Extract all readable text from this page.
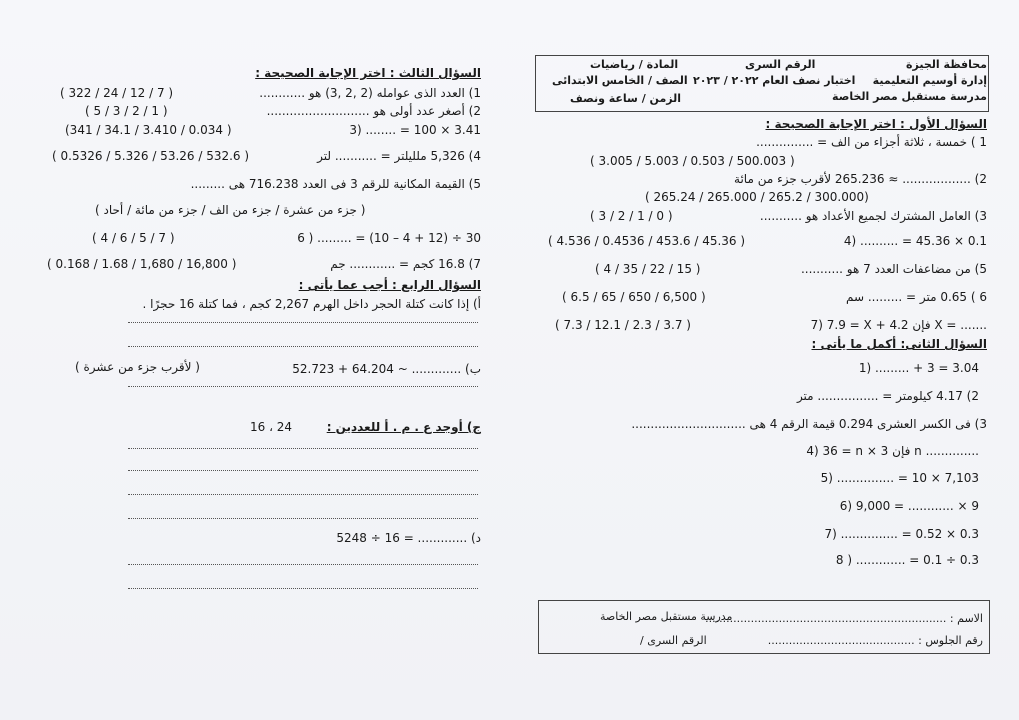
محافظة الجيزة
إدارة أوسيم التعليمية
مدرسة مستقبل مصر الخاصة
الرقم السرى
اختبار نصف العام ٢٠٢٢ / ٢٠٢٣
المادة / رياضيات
الصف / الخامس الابتدائى
الزمن / ساعة ونصف
السؤال الأول : اختر الإجابة الصحيحة :
1 ) خمسة ، ثلاثة أجزاء من الف = ...............
( 3.005 / 5.003 / 0.503 / 500.003 )
2) .................. ≈ 265.236 لأقرب جزء من مائة
( 265.24 / 265.000 / 265.2 / 300.000)
3) العامل المشترك لجميع الأعداد هو ...........
( 3 / 2 / 1 / 0 )
4) .......... = 45.36 × 0.1
( 4.536 / 0.4536 / 453.6 / 45.36 )
5) من مضاعفات العدد 7 هو ...........
( 4 / 35 / 22 / 15 )
6 ) 0.65 متر = ......... سم
( 6.5 / 65 / 650 / 6,500 )
7) 7.9 = X + 4.2 فإن X = .......
( 7.3 / 12.1 / 2.3 / 3.7 )
السؤال الثانى: أكمل ما يأتى :
1) ......... + 3 = 3.04
2) 4.17 كيلومتر = ................ متر
3) فى الكسر العشرى 0.294 قيمة الرقم 4 هى ..............................
4) 36 = n × 3 فإن n ..............
5) ............... = 10 × 7,103
6) 9,000 = ............ × 9
7) ............... = 0.52 × 0.3
8 ) ............. = 0.1 ÷ 0.3
الاسم : .....................................................................
مدرسة مستقبل مصر الخاصة
رقم الجلوس : ..........................................
الرقم السرى /
السؤال الثالث : اختر الإجابة الصحيحة :
1) العدد الذى عوامله (2 ,2 ,3) هو ............
( 322 / 24 / 12 / 7 )
2) أصغر عدد أولى هو ...........................
( 5 / 3 / 2 / 1 )
3) ........ = 100 × 3.41
(341 / 34.1 / 3.410 / 0.034 )
4) 5,326 ملليلتر = ........... لتر
( 0.5326 / 5.326 / 53.26 / 532.6 )
5) القيمة المكانية للرقم 3 فى العدد 716.238 هى .........
( جزء من عشرة / جزء من الف / جزء من مائة / أحاد )
6 ) ......... = (10 – 4 + 12) ÷ 30
( 4 / 6 / 5 / 7 )
7) 16.8 كجم = ............ جم
( 0.168 / 1.68 / 1,680 / 16,800 )
السؤال الرابع : أجب عما يأتى :
أ) إذا كانت كتلة الحجر داخل الهرم 2,267 كجم ، فما كتلة 16 حجرًا .
ب) ............. ~ 64.204 + 52.723
( لأقرب جزء من عشرة )
ج) أوجد ع . م . أ للعددين :
16 ، 24
د) ............. = 16 ÷ 5248
